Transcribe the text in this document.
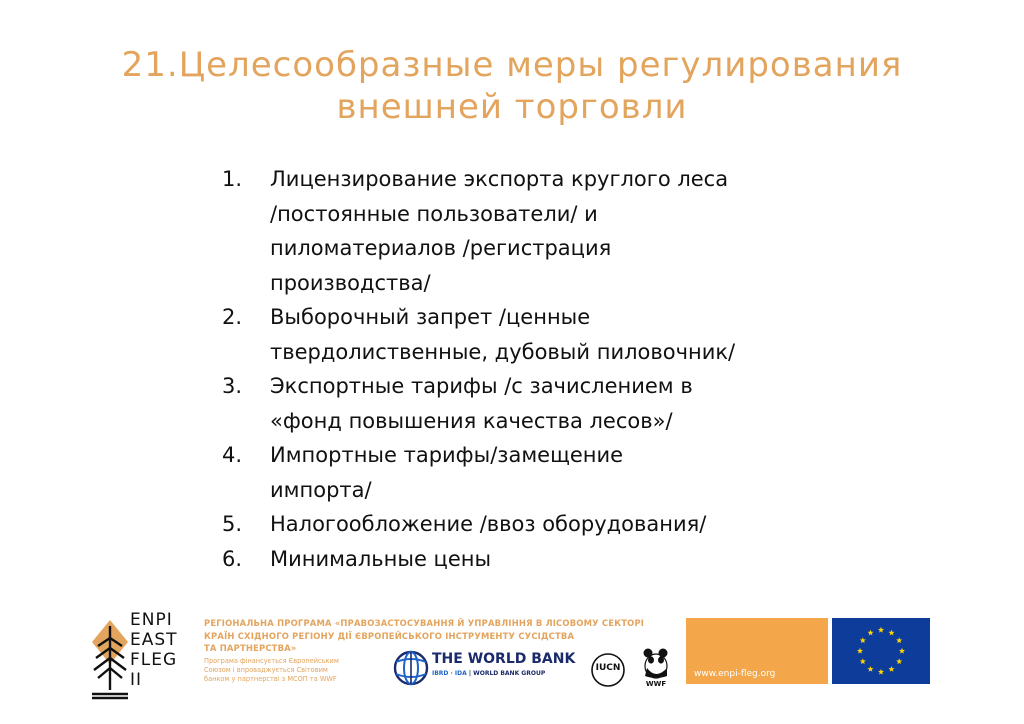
21.Целесообразные меры регулирования
внешней торговли
1.	Лицензирование экспорта круглого леса
/постоянные пользователи/ и
пиломатериалов /регистрация
производства/
2.	Выборочный запрет /ценные
твердолиственные, дубовый пиловочник/
3.	Экспортные тарифы /с зачислением в
«фонд повышения качества лесов»/
4.	Импортные тарифы/замещение
импорта/
5.	Налогообложение /ввоз оборудования/
6.	Минимальные цены
ENPI
EAST
FLEG
II
РЕГІОНАЛЬНА ПРОГРАМА «ПРАВОЗАСТОСУВАННЯ Й УПРАВЛІННЯ В ЛІСОВОМУ СЕКТОРІ
КРАЇН СХІДНОГО РЕГІОНУ ДІЇ ЄВРОПЕЙСЬКОГО ІНСТРУМЕНТУ СУСІДСТВА
ТА ПАРТНЕРСТВА»
Програма фінансується Європейським
Союзом і впроваджується Світовим
банком у партнерстві з МСОП та WWF
THE WORLD BANK
IBRD · IDA | WORLD BANK GROUP
IUCN
WWF
www.enpi-fleg.org
